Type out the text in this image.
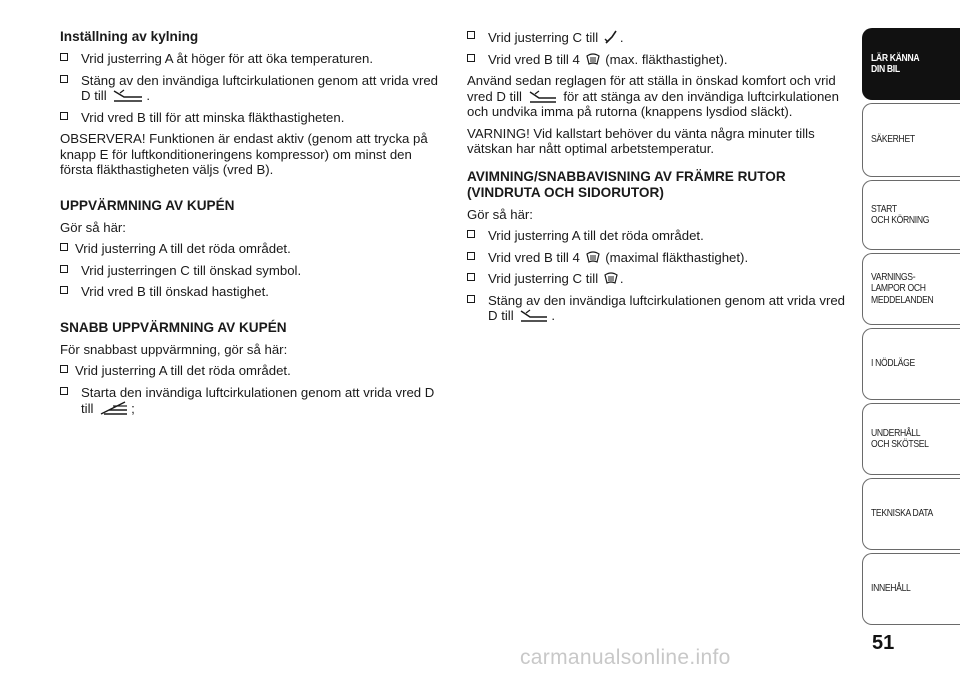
Inställning av kylning
Vrid justerring A åt höger för att öka temperaturen.
Stäng av den invändiga luftcirkulationen genom att vrida vred D till	.
Vrid vred B till för att minska fläkthastigheten.
OBSERVERA! Funktionen är endast aktiv (genom att trycka på knapp E för luftkonditioneringens kompressor) om minst den första fläkthastigheten väljs (vred B).
UPPVÄRMNING AV KUPÉN
Gör så här:
Vrid justerring A till det röda området.
Vrid justerringen C till önskad symbol.
Vrid vred B till önskad hastighet.
SNABB UPPVÄRMNING AV KUPÉN
För snabbast uppvärmning, gör så här:
Vrid justerring A till det röda området.
Starta den invändiga luftcirkulationen genom att vrida vred D till	;
Vrid justerring C till .
Vrid vred B till 4 (max. fläkthastighet).
Använd sedan reglagen för att ställa in önskad komfort och vrid vred D till	för att stänga av den invändiga luftcirkulationen och undvika imma på rutorna (knappens lysdiod släckt).
VARNING! Vid kallstart behöver du vänta några minuter tills vätskan har nått optimal arbetstemperatur.
AVIMNING/SNABBAVISNING AV FRÄMRE RUTOR (VINDRUTA OCH SIDORUTOR)
Gör så här:
Vrid justerring A till det röda området.
Vrid vred B till 4 (maximal fläkthastighet).
Vrid justerring C till .
Stäng av den invändiga luftcirkulationen genom att vrida vred D till	.
LÄR KÄNNA
DIN BIL
SÄKERHET
START
OCH KÖRNING
VARNINGS-
LAMPOR OCH
MEDDELANDEN
I NÖDLÄGE
UNDERHÅLL
OCH SKÖTSEL
TEKNISKA DATA
INNEHÅLL
51
carmanualsonline.info
